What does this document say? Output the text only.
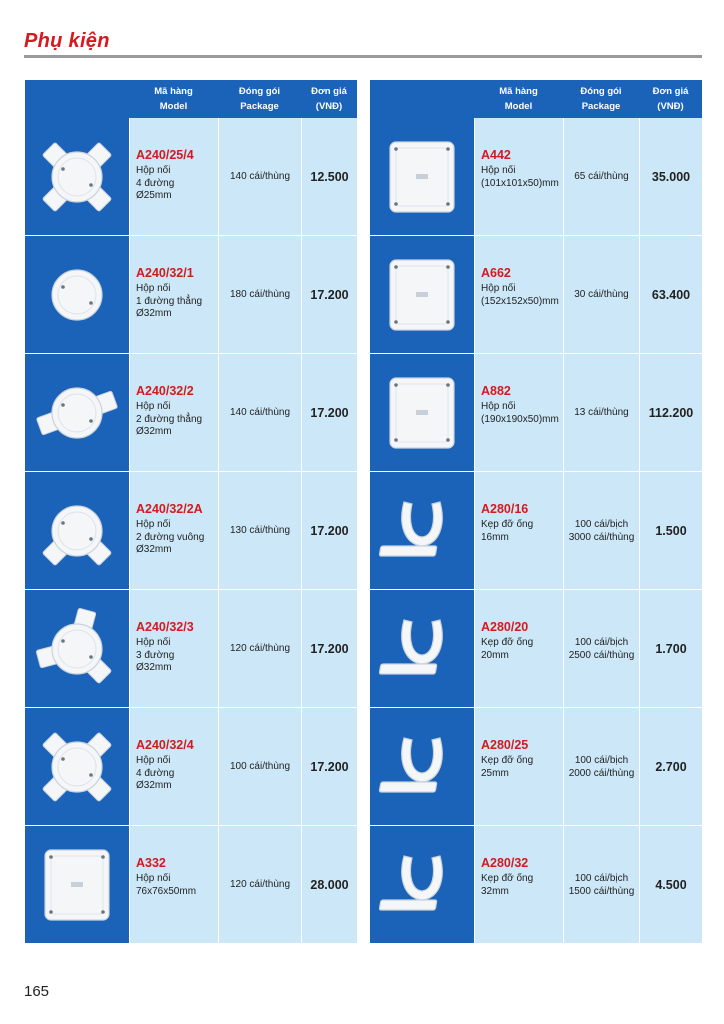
Phụ kiện
Mã hàng
Model
Đóng gói
Package
Đơn giá
(VNĐ)
A240/25/4
Hộp nối
4 đường
Ø25mm
140 cái/thùng	12.500
A240/32/1
Hộp nối
1 đường thẳng
Ø32mm
180 cái/thùng	17.200
A240/32/2
Hộp nối
2 đường thẳng
Ø32mm
140 cái/thùng	17.200
A240/32/2A
Hộp nối
2 đường vuông
Ø32mm
130 cái/thùng	17.200
A240/32/3
Hộp nối
3 đường
Ø32mm
120 cái/thùng	17.200
A240/32/4
Hộp nối
4 đường
Ø32mm
100 cái/thùng	17.200
A332
Hộp nối
76x76x50mm
120 cái/thùng	28.000
Mã hàng
Model
Đóng gói
Package
Đơn giá
(VNĐ)
A442
Hộp nối
(101x101x50)mm
65 cái/thùng	35.000
A662
Hộp nối
(152x152x50)mm
30 cái/thùng	63.400
A882
Hộp nối
(190x190x50)mm
13 cái/thùng	112.200
A280/16
Kẹp đỡ ống
16mm
100 cái/bịch
3000 cái/thùng	1.500
A280/20
Kẹp đỡ ống
20mm
100 cái/bịch
2500 cái/thùng	1.700
A280/25
Kẹp đỡ ống
25mm
100 cái/bịch
2000 cái/thùng	2.700
A280/32
Kẹp đỡ ống
32mm
100 cái/bịch
1500 cái/thùng	4.500
165
